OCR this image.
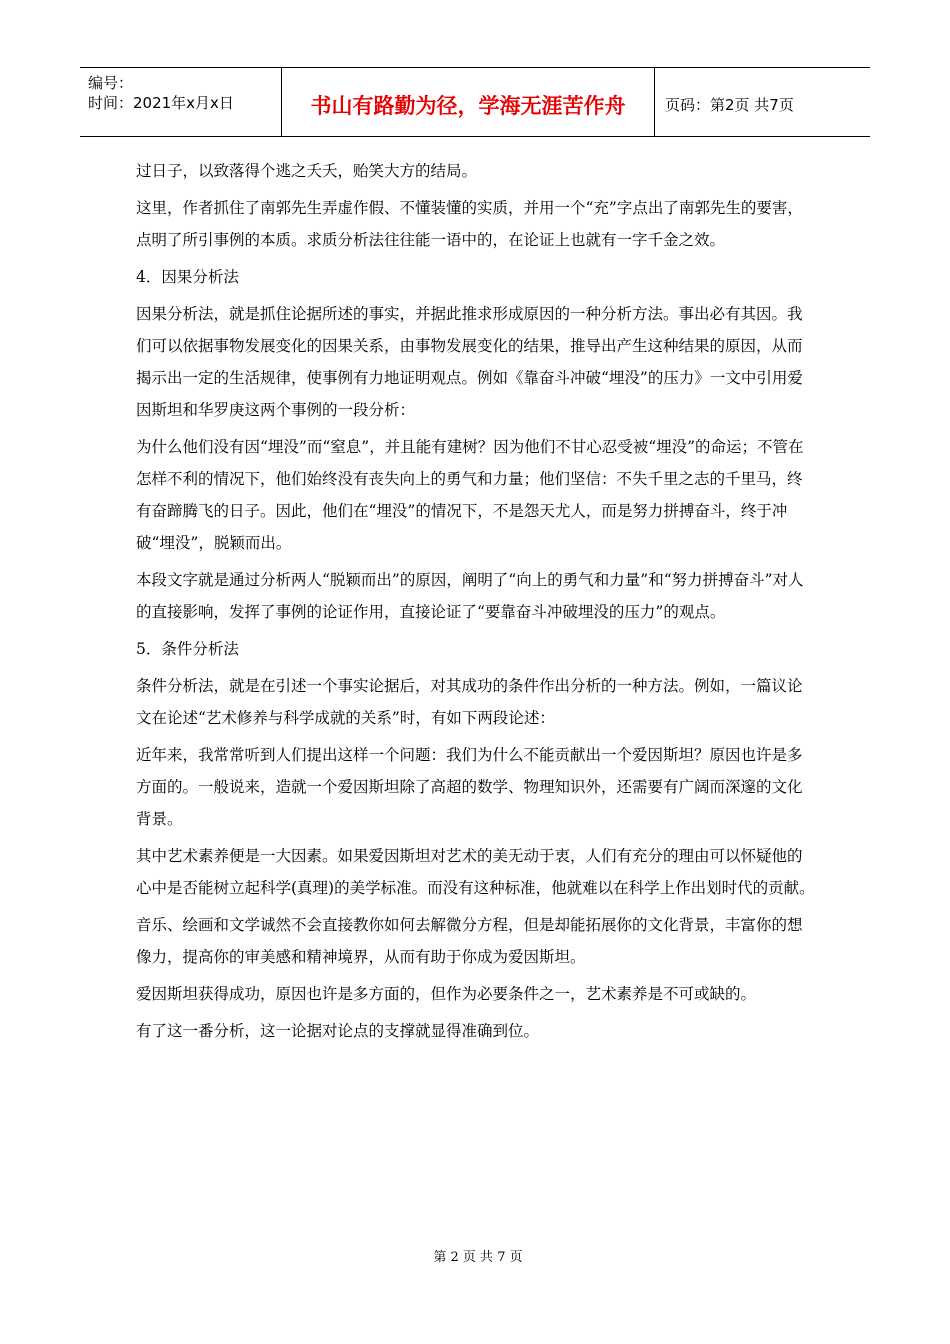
编号：
时间：2021年x月x日	书山有路勤为径，学海无涯苦作舟	页码：第2页 共7页

过日子，以致落得个逃之夭夭，贻笑大方的结局。

这里，作者抓住了南郭先生弄虚作假、不懂装懂的实质，并用一个“充”字点出了南郭先生的要害，点明了所引事例的本质。求质分析法往往能一语中的，在论证上也就有一字千金之效。

4．因果分析法

因果分析法，就是抓住论据所述的事实，并据此推求形成原因的一种分析方法。事出必有其因。我们可以依据事物发展变化的因果关系，由事物发展变化的结果，推导出产生这种结果的原因，从而揭示出一定的生活规律，使事例有力地证明观点。例如《靠奋斗冲破“埋没”的压力》一文中引用爱因斯坦和华罗庚这两个事例的一段分析：

为什么他们没有因“埋没”而“窒息”，并且能有建树？因为他们不甘心忍受被“埋没”的命运；不管在怎样不利的情况下，他们始终没有丧失向上的勇气和力量；他们坚信：不失千里之志的千里马，终有奋蹄腾飞的日子。因此，他们在“埋没”的情况下，不是怨天尤人，而是努力拼搏奋斗，终于冲破“埋没”，脱颖而出。

本段文字就是通过分析两人“脱颖而出”的原因，阐明了“向上的勇气和力量”和“努力拼搏奋斗”对人的直接影响，发挥了事例的论证作用，直接论证了“要靠奋斗冲破埋没的压力”的观点。

5．条件分析法

条件分析法，就是在引述一个事实论据后，对其成功的条件作出分析的一种方法。例如，一篇议论文在论述“艺术修养与科学成就的关系”时，有如下两段论述：

近年来，我常常听到人们提出这样一个问题：我们为什么不能贡献出一个爱因斯坦？原因也许是多方面的。一般说来，造就一个爱因斯坦除了高超的数学、物理知识外，还需要有广阔而深邃的文化背景。

其中艺术素养便是一大因素。如果爱因斯坦对艺术的美无动于衷，人们有充分的理由可以怀疑他的心中是否能树立起科学(真理)的美学标准。而没有这种标准，他就难以在科学上作出划时代的贡献。

音乐、绘画和文学诚然不会直接教你如何去解微分方程，但是却能拓展你的文化背景，丰富你的想像力，提高你的审美感和精神境界，从而有助于你成为爱因斯坦。

爱因斯坦获得成功，原因也许是多方面的，但作为必要条件之一，艺术素养是不可或缺的。

有了这一番分析，这一论据对论点的支撑就显得准确到位。

第 2 页 共 7 页
